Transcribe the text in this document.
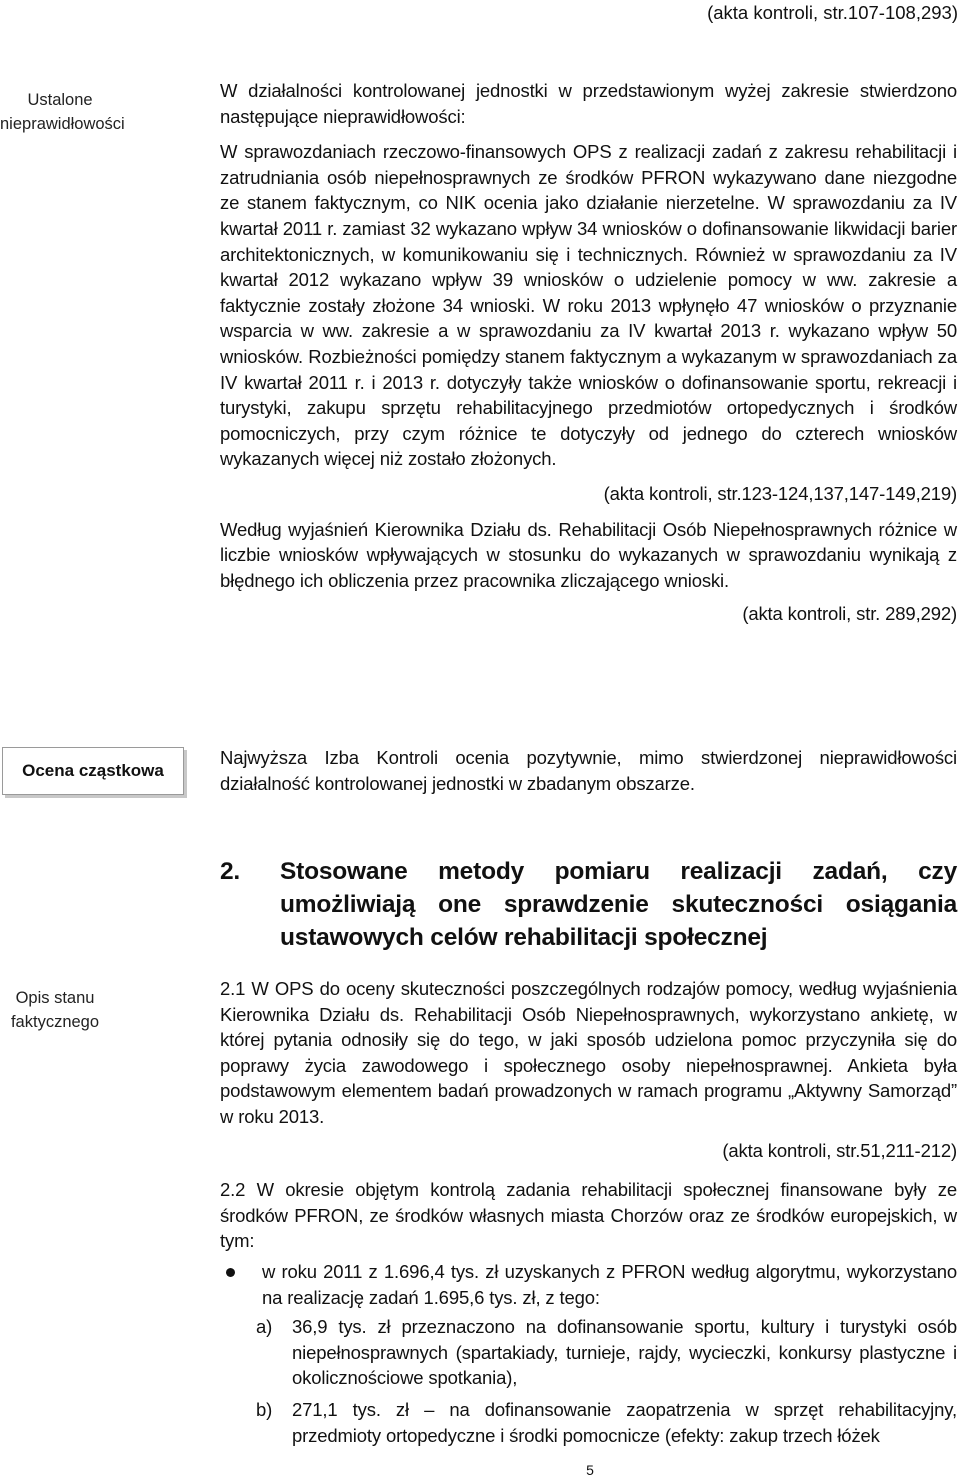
(akta kontroli, str.107-108,293)
Ustalone nieprawidłowości

W działalności kontrolowanej jednostki w przedstawionym wyżej zakresie stwierdzono następujące nieprawidłowości:

W sprawozdaniach rzeczowo-finansowych OPS z realizacji zadań z zakresu rehabilitacji i zatrudniania osób niepełnosprawnych ze środków PFRON wykazywano dane niezgodne ze stanem faktycznym, co NIK ocenia jako działanie nierzetelne. W sprawozdaniu za IV kwartał 2011 r. zamiast 32 wykazano wpływ 34 wniosków o dofinansowanie likwidacji barier architektonicznych, w komunikowaniu się i technicznych. Również w sprawozdaniu za IV kwartał 2012 wykazano wpływ 39 wniosków o udzielenie pomocy w ww. zakresie a faktycznie zostały złożone 34 wnioski. W roku 2013 wpłynęło 47 wniosków o przyznanie wsparcia w ww. zakresie a w sprawozdaniu za IV kwartał 2013 r. wykazano wpływ 50 wniosków. Rozbieżności pomiędzy stanem faktycznym a wykazanym w sprawozdaniach za IV kwartał 2011 r. i 2013 r. dotyczyły także wniosków o dofinansowanie sportu, rekreacji i turystyki, zakupu sprzętu rehabilitacyjnego przedmiotów ortopedycznych i środków pomocniczych, przy czym różnice te dotyczyły od jednego do czterech wniosków wykazanych więcej niż zostało złożonych.

(akta kontroli, str.123-124,137,147-149,219)

Według wyjaśnień Kierownika Działu ds. Rehabilitacji Osób Niepełnosprawnych różnice w liczbie wniosków wpływających w stosunku do wykazanych w sprawozdaniu wynikają z błędnego ich obliczenia przez pracownika zliczającego wnioski.

(akta kontroli, str. 289,292)
Ocena cząstkowa
Najwyższa Izba Kontroli ocenia pozytywnie, mimo stwierdzonej nieprawidłowości działalność kontrolowanej jednostki w zbadanym obszarze.
2. Stosowane metody pomiaru realizacji zadań, czy umożliwiają one sprawdzenie skuteczności osiągania ustawowych celów rehabilitacji społecznej
Opis stanu faktycznego

2.1 W OPS do oceny skuteczności poszczególnych rodzajów pomocy, według wyjaśnienia Kierownika Działu ds. Rehabilitacji Osób Niepełnosprawnych, wykorzystano ankietę, w której pytania odnosiły się do tego, w jaki sposób udzielona pomoc przyczyniła się do poprawy życia zawodowego i społecznego osoby niepełnosprawnej. Ankieta była podstawowym elementem badań prowadzonych w ramach programu „Aktywny Samorząd” w roku 2013.

(akta kontroli, str.51,211-212)

2.2 W okresie objętym kontrolą zadania rehabilitacji społecznej finansowane były ze środków PFRON, ze środków własnych miasta Chorzów oraz ze środków europejskich, w tym:

w roku 2011 z 1.696,4 tys. zł uzyskanych z PFRON według algorytmu, wykorzystano na realizację zadań 1.695,6 tys. zł, z tego:
a) 36,9 tys. zł przeznaczono na dofinansowanie sportu, kultury i turystyki osób niepełnosprawnych (spartakiady, turnieje, rajdy, wycieczki, konkursy plastyczne i okolicznościowe spotkania),
b) 271,1 tys. zł – na dofinansowanie zaopatrzenia w sprzęt rehabilitacyjny, przedmioty ortopedyczne i środki pomocnicze (efekty: zakup trzech łóżek
5
